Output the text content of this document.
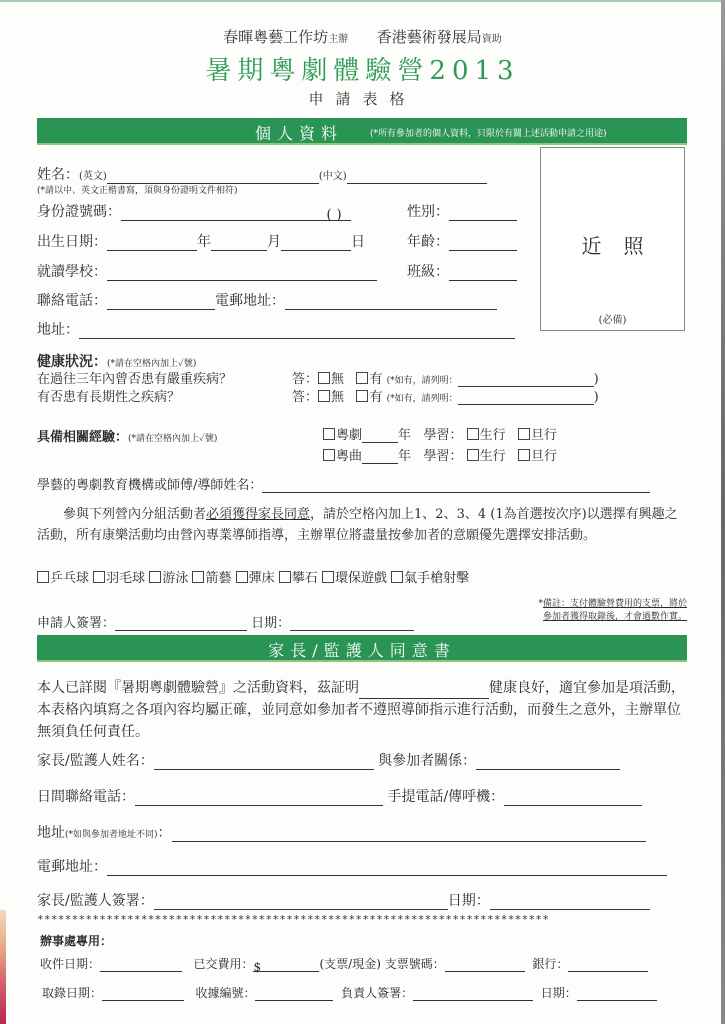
春暉粵藝工作坊主辦 香港藝術發展局資助
暑期粵劇體驗營2013
申請表格
個人資料	(*所有參加者的個人資料，只限於有關上述活動申請之用途)
近照
(必備)
姓名：(英文)	(中文)
(*請以中、英文正楷書寫，須與身份證明文件相符)
身份證號碼：	( )	性別：
出生日期：	年	月	日	年齡：
就讀學校：	班級：
聯絡電話：	電郵地址：
地址：
健康狀況：(*請在空格內加上✓號)
在過往三年內曾否患有嚴重疾病？	答： 無 有 (*如有，請列明：	)
有否患有長期性之疾病？	答： 無 有 (*如有，請列明：	)
具備相關經驗：(*請在空格內加上✓號)	粵劇	年 學習： 生行 旦行
粵曲	年 學習： 生行 旦行
學藝的粵劇教育機構或師傅/導師姓名：
參與下列營內分組活動者必須獲得家長同意，請於空格內加上1、2、3、4 (1為首選按次序)以選擇有興趣之活動，所有康樂活動均由營內專業導師指導，主辦單位將盡量按參加者的意願優先選擇安排活動。
乒乓球 羽毛球 游泳 箭藝 彈床 攀石 環保遊戲 氣手槍射擊
申請人簽署：	日期：
*備註：支付體驗營費用的支票，將於
參加者獲得取錄後，才會過數作實。
家長/監護人同意書
本人已詳閱『暑期粵劇體驗營』之活動資料，茲証明	健康良好，適宜參加是項活動，本表格內填寫之各項內容均屬正確，並同意如參加者不遵照導師指示進行活動，而發生之意外，主辦單位無須負任何責任。
家長/監護人姓名：	與參加者關係：
日間聯絡電話：	手提電話/傳呼機：
地址(*如與參加者地址不同)：
電郵地址：
家長/監護人簽署：	日期：
**************************************************************************
辦事處專用：
收件日期：	已交費用：$	(支票/現金) 支票號碼：	銀行：
取錄日期：	收據編號：	負責人簽署：	日期：
